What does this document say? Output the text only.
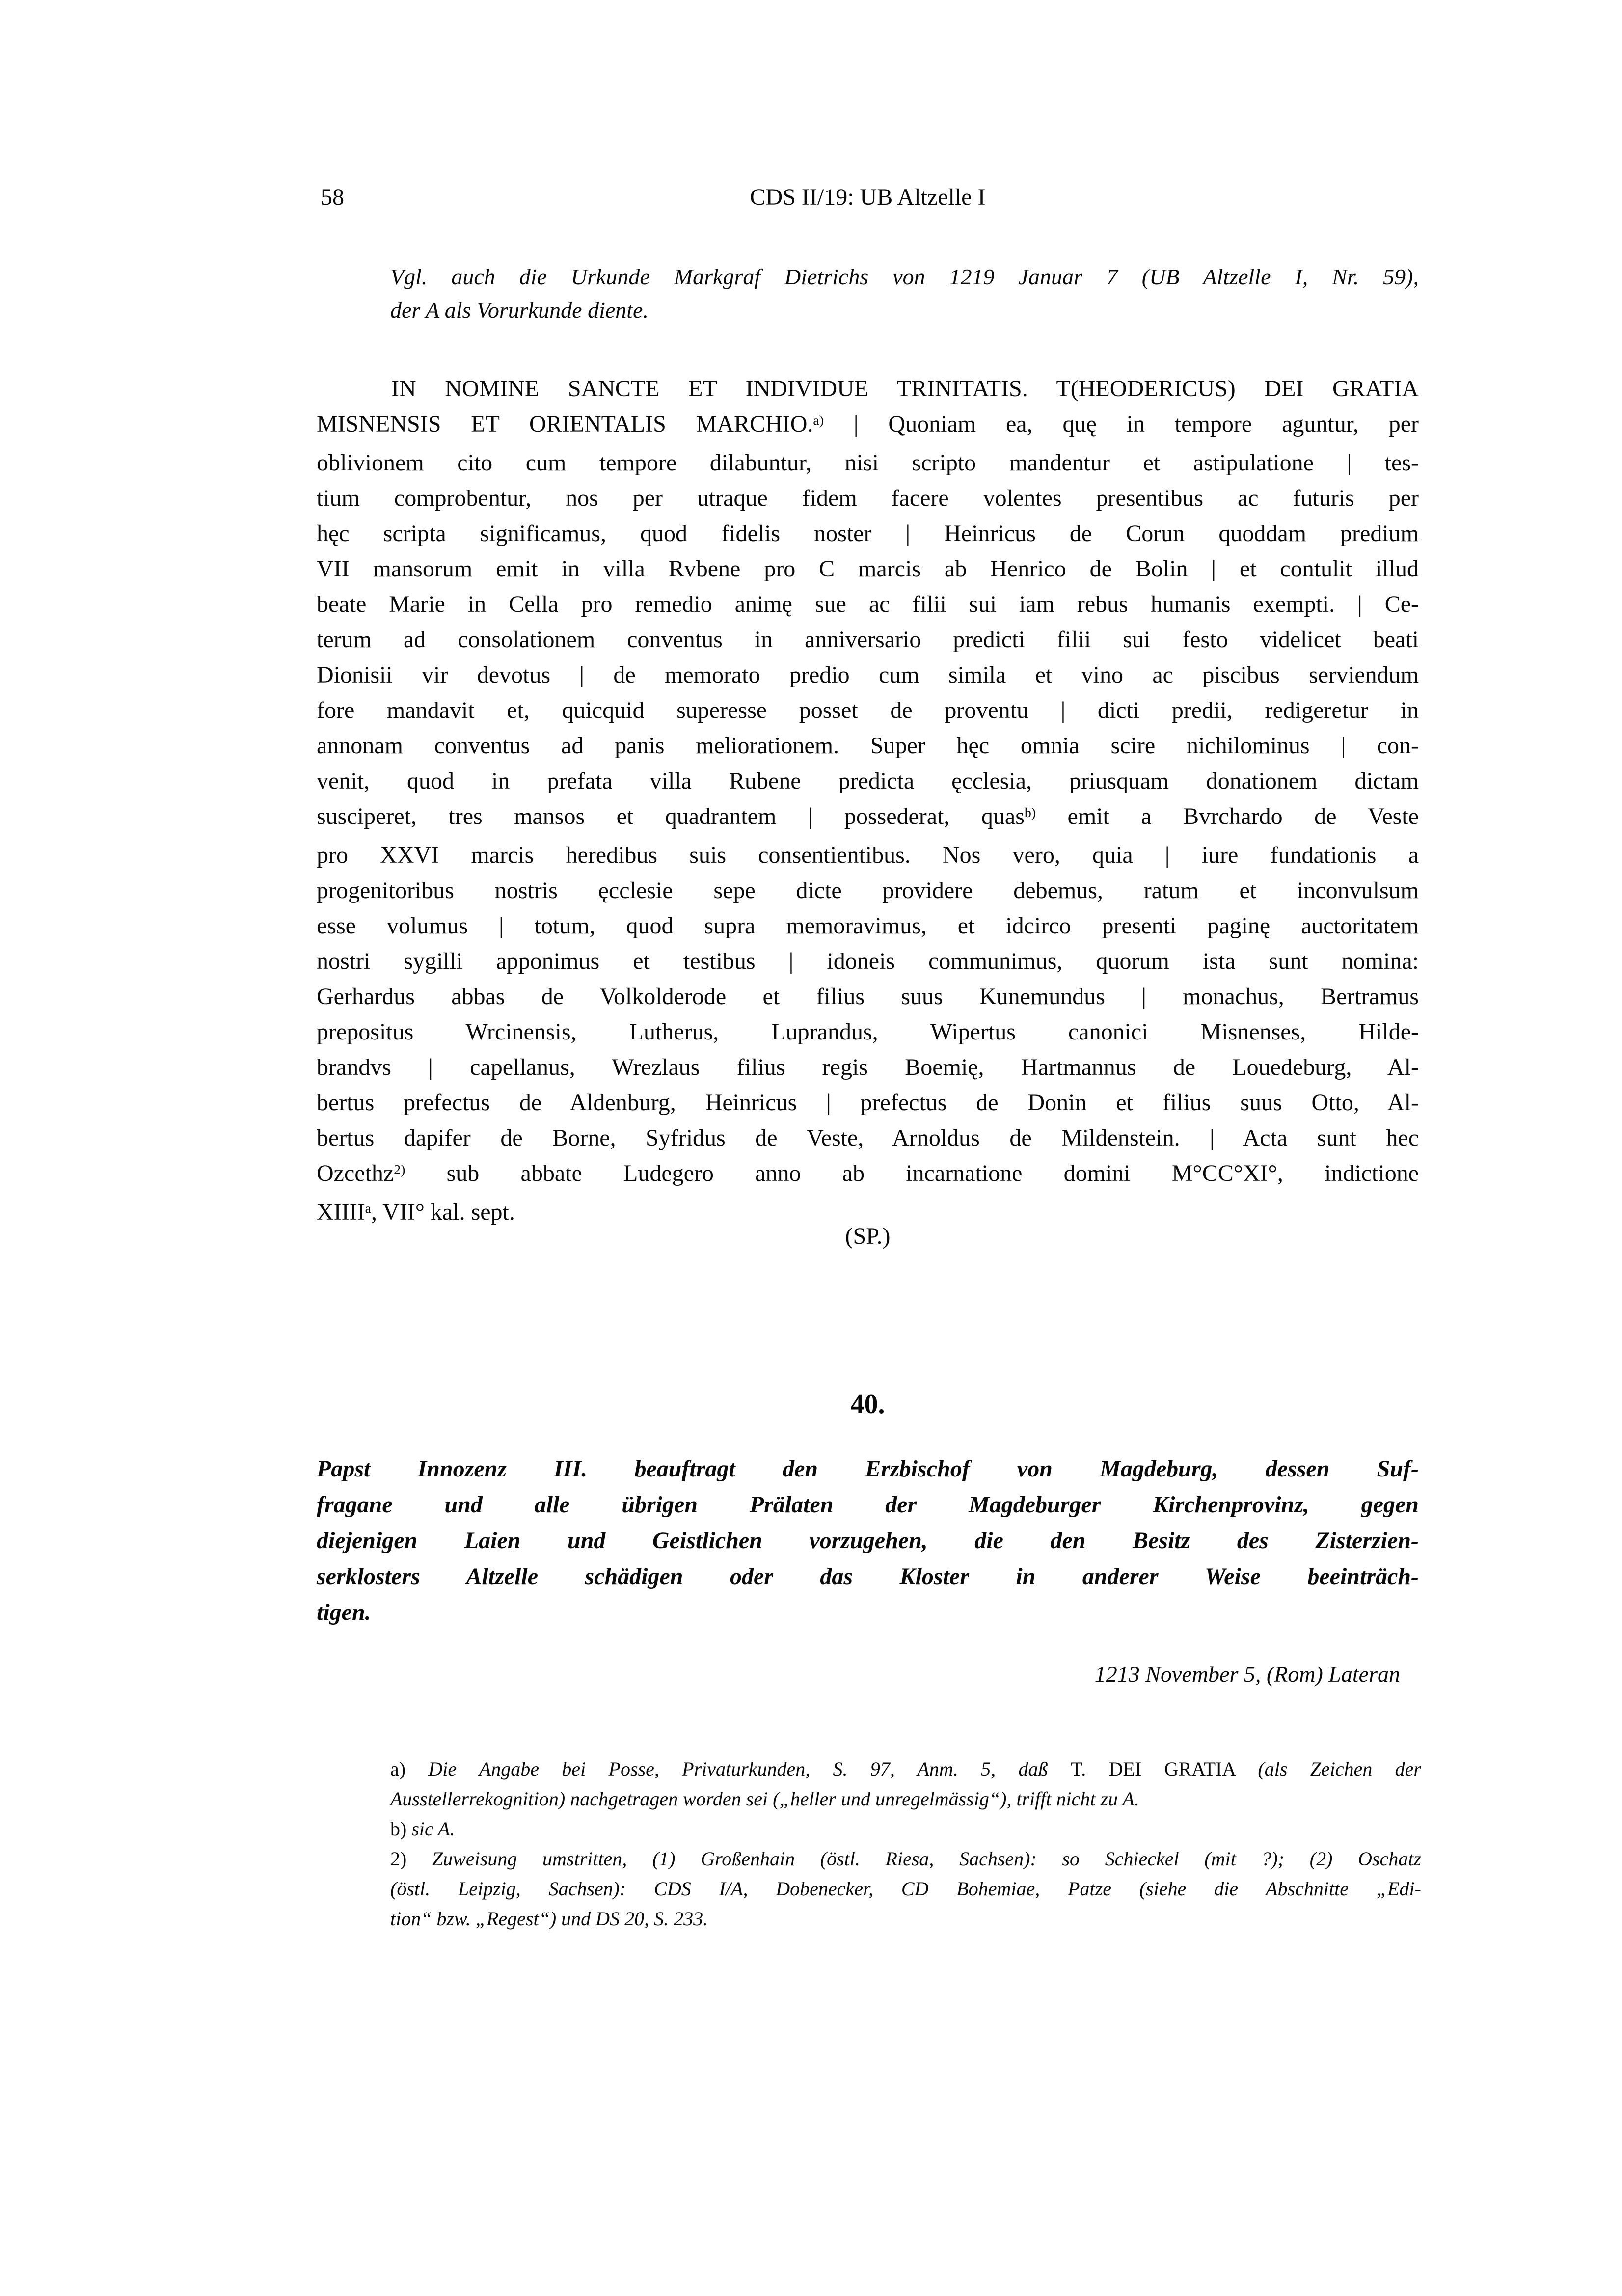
58	CDS II/19: UB Altzelle I
Vgl. auch die Urkunde Markgraf Dietrichs von 1219 Januar 7 (UB Altzelle I, Nr. 59),
der A als Vorurkunde diente.
IN NOMINE SANCTE ET INDIVIDUE TRINITATIS. T(HEODERICUS) DEI GRATIA
MISNENSIS ET ORIENTALIS MARCHIO.$^{a)}$ | Quoniam ea, quę in tempore aguntur, per
oblivionem cito cum tempore dilabuntur, nisi scripto mandentur et astipulatione | tes-
tium comprobentur, nos per utraque fidem facere volentes presentibus ac futuris per
hęc scripta significamus, quod fidelis noster | Heinricus de Corun quoddam predium
VII mansorum emit in villa Rvbene pro C marcis ab Henrico de Bolin | et contulit illud
beate Marie in Cella pro remedio animę sue ac filii sui iam rebus humanis exempti. | Ce-
terum ad consolationem conventus in anniversario predicti filii sui festo videlicet beati
Dionisii vir devotus | de memorato predio cum simila et vino ac piscibus serviendum
fore mandavit et, quicquid superesse posset de proventu | dicti predii, redigeretur in
annonam conventus ad panis meliorationem. Super hęc omnia scire nichilominus | con-
venit, quod in prefata villa Rubene predicta ęcclesia, priusquam donationem dictam
susciperet, tres mansos et quadrantem | possederat, quas$^{b)}$ emit a Bvrchardo de Veste
pro XXVI marcis heredibus suis consentientibus. Nos vero, quia | iure fundationis a
progenitoribus nostris ęcclesie sepe dicte providere debemus, ratum et inconvulsum
esse volumus | totum, quod supra memoravimus, et idcirco presenti paginę auctoritatem
nostri sygilli apponimus et testibus | idoneis communimus, quorum ista sunt nomina:
Gerhardus abbas de Volkolderode et filius suus Kunemundus | monachus, Bertramus
prepositus Wrcinensis, Lutherus, Luprandus, Wipertus canonici Misnenses, Hilde-
brandvs | capellanus, Wrezlaus filius regis Boemię, Hartmannus de Louedeburg, Al-
bertus prefectus de Aldenburg, Heinricus | prefectus de Donin et filius suus Otto, Al-
bertus dapifer de Borne, Syfridus de Veste, Arnoldus de Mildenstein. | Acta sunt hec
Ozcethz$^{2)}$ sub abbate Ludegero anno ab incarnatione domini M°CC°XI°, indictione
XIIII$^a$, VII° kal. sept.
(SP.)
40.
Papst Innozenz III. beauftragt den Erzbischof von Magdeburg, dessen Suf-
fragane und alle übrigen Prälaten der Magdeburger Kirchenprovinz, gegen
diejenigen Laien und Geistlichen vorzugehen, die den Besitz des Zisterzien-
serklosters Altzelle schädigen oder das Kloster in anderer Weise beeinträch-
tigen.
1213 November 5, (Rom) Lateran
a) Die Angabe bei Posse, Privaturkunden, S. 97, Anm. 5, daß T. DEI GRATIA (als Zeichen der
Ausstellerrekognition) nachgetragen worden sei („heller und unregelmässig“), trifft nicht zu A.
b) sic A.
2) Zuweisung umstritten, (1) Großenhain (östl. Riesa, Sachsen): so Schieckel (mit ?); (2) Oschatz
(östl. Leipzig, Sachsen): CDS I/A, Dobenecker, CD Bohemiae, Patze (siehe die Abschnitte „Edi-
tion“ bzw. „Regest“) und DS 20, S. 233.
